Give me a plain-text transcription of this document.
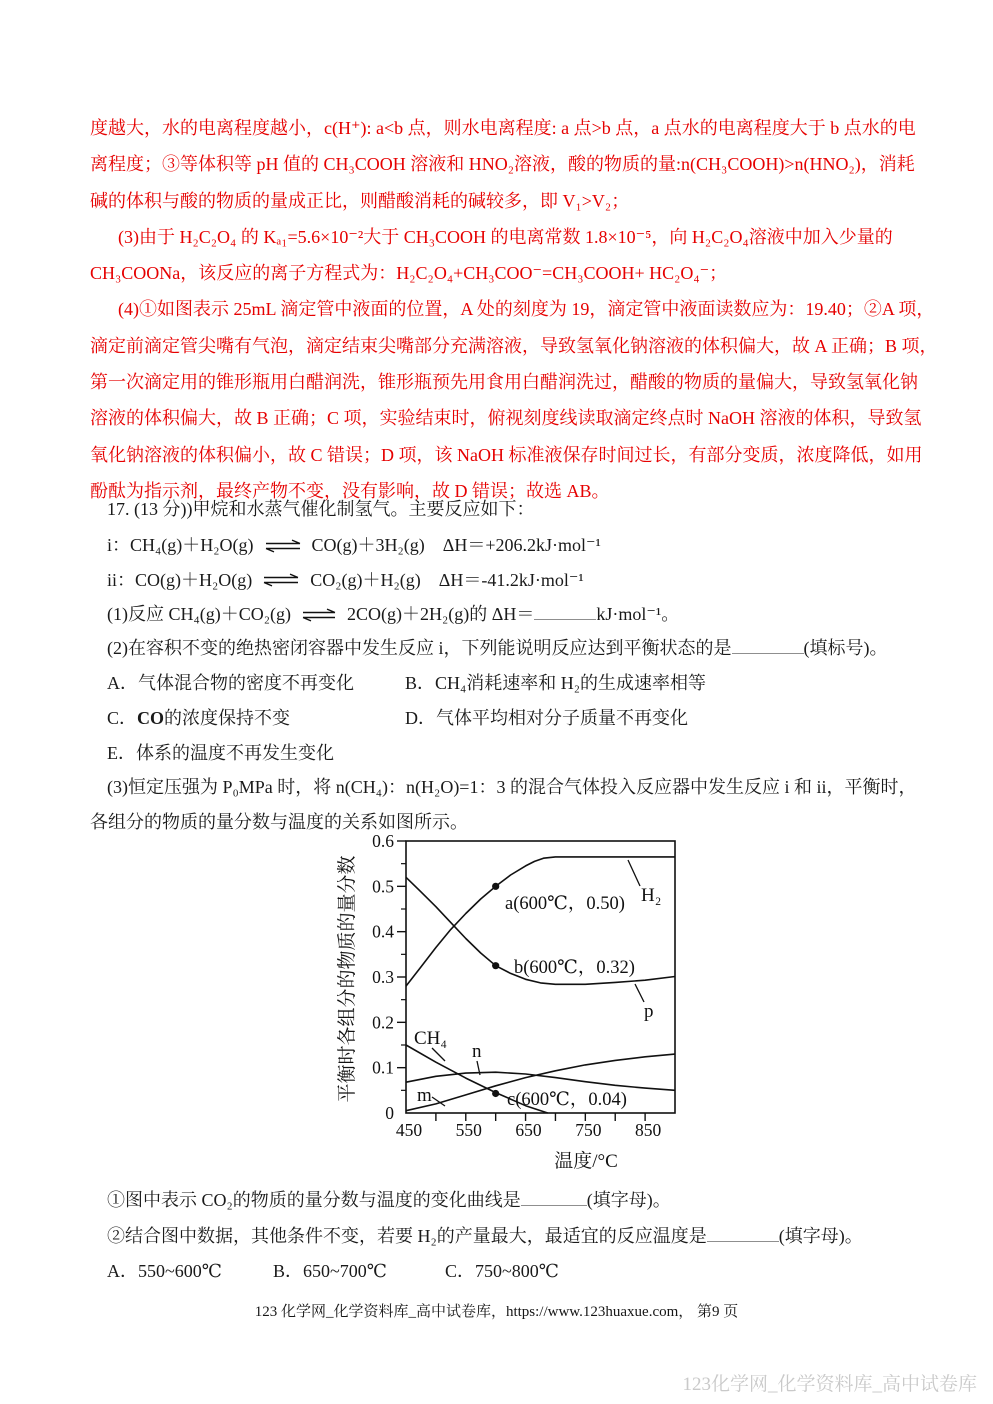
度越大，水的电离程度越小，c(H⁺): a<b 点，则水电离程度: a 点>b 点，a 点水的电离程度大于 b 点水的电
离程度；③等体积等 pH 值的 CH₃COOH 溶液和 HNO₂溶液，酸的物质的量:n(CH₃COOH)>n(HNO₂)，消耗
碱的体积与酸的物质的量成正比，则醋酸消耗的碱较多，即 V₁>V₂；
(3)由于 H₂C₂O₄ 的 Kₐ₁=5.6×10⁻²大于 CH₃COOH 的电离常数 1.8×10⁻⁵，向 H₂C₂O₄溶液中加入少量的
CH₃COONa，该反应的离子方程式为：H₂C₂O₄+CH₃COO⁻=CH₃COOH+ HC₂O₄⁻；
(4)①如图表示 25mL 滴定管中液面的位置，A 处的刻度为 19，滴定管中液面读数应为：19.40；②A 项，
滴定前滴定管尖嘴有气泡，滴定结束尖嘴部分充满溶液，导致氢氧化钠溶液的体积偏大，故 A 正确；B 项，
第一次滴定用的锥形瓶用白醋润洗，锥形瓶预先用食用白醋润洗过，醋酸的物质的量偏大，导致氢氧化钠
溶液的体积偏大，故 B 正确；C 项，实验结束时，俯视刻度线读取滴定终点时 NaOH 溶液的体积，导致氢
氧化钠溶液的体积偏小，故 C 错误；D 项，该 NaOH 标准液保存时间过长，有部分变质，浓度降低，如用
酚酞为指示剂，最终产物不变，没有影响，故 D 错误；故选 AB。
17. (13 分))甲烷和水蒸气催化制氢气。主要反应如下：
i：CH₄(g)＋H₂O(g) ⇌ CO(g)＋3H₂(g)　ΔH＝+206.2kJ·mol⁻¹
ii：CO(g)＋H₂O(g) ⇌ CO₂(g)＋H₂(g)　ΔH＝-41.2kJ·mol⁻¹
(1)反应 CH₄(g)＋CO₂(g) ⇌ 2CO(g)＋2H₂(g)的 ΔH＝	kJ·mol⁻¹。
(2)在容积不变的绝热密闭容器中发生反应 i，下列能说明反应达到平衡状态的是	(填标号)。
A．气体混合物的密度不再变化	B．CH₄消耗速率和 H₂的生成速率相等
C．CO的浓度保持不变	D．气体平均相对分子质量不再变化
E．体系的温度不再发生变化
(3)恒定压强为 P₀MPa 时，将 n(CH₄)：n(H₂O)=1：3 的混合气体投入反应器中发生反应 i 和 ii，平衡时，
各组分的物质的量分数与温度的关系如图所示。
450 550 650 750 850
0
0.1
0.2
0.3
0.4
0.5
0.6
H₂
p
CH₄
n
m
a(600℃，0.50)
b(600℃，0.32)
c(600℃，0.04)
温度/°C
平衡时各组分的物质的量分数
①图中表示 CO₂的物质的量分数与温度的变化曲线是	(填字母)。
②结合图中数据，其他条件不变，若要 H₂的产量最大，最适宜的反应温度是	(填字母)。
A．550~600℃	B．650~700℃	C．750~800℃
123 化学网_化学资料库_高中试卷库，https://www.123huaxue.com， 第9 页
123化学网_化学资料库_高中试卷库
